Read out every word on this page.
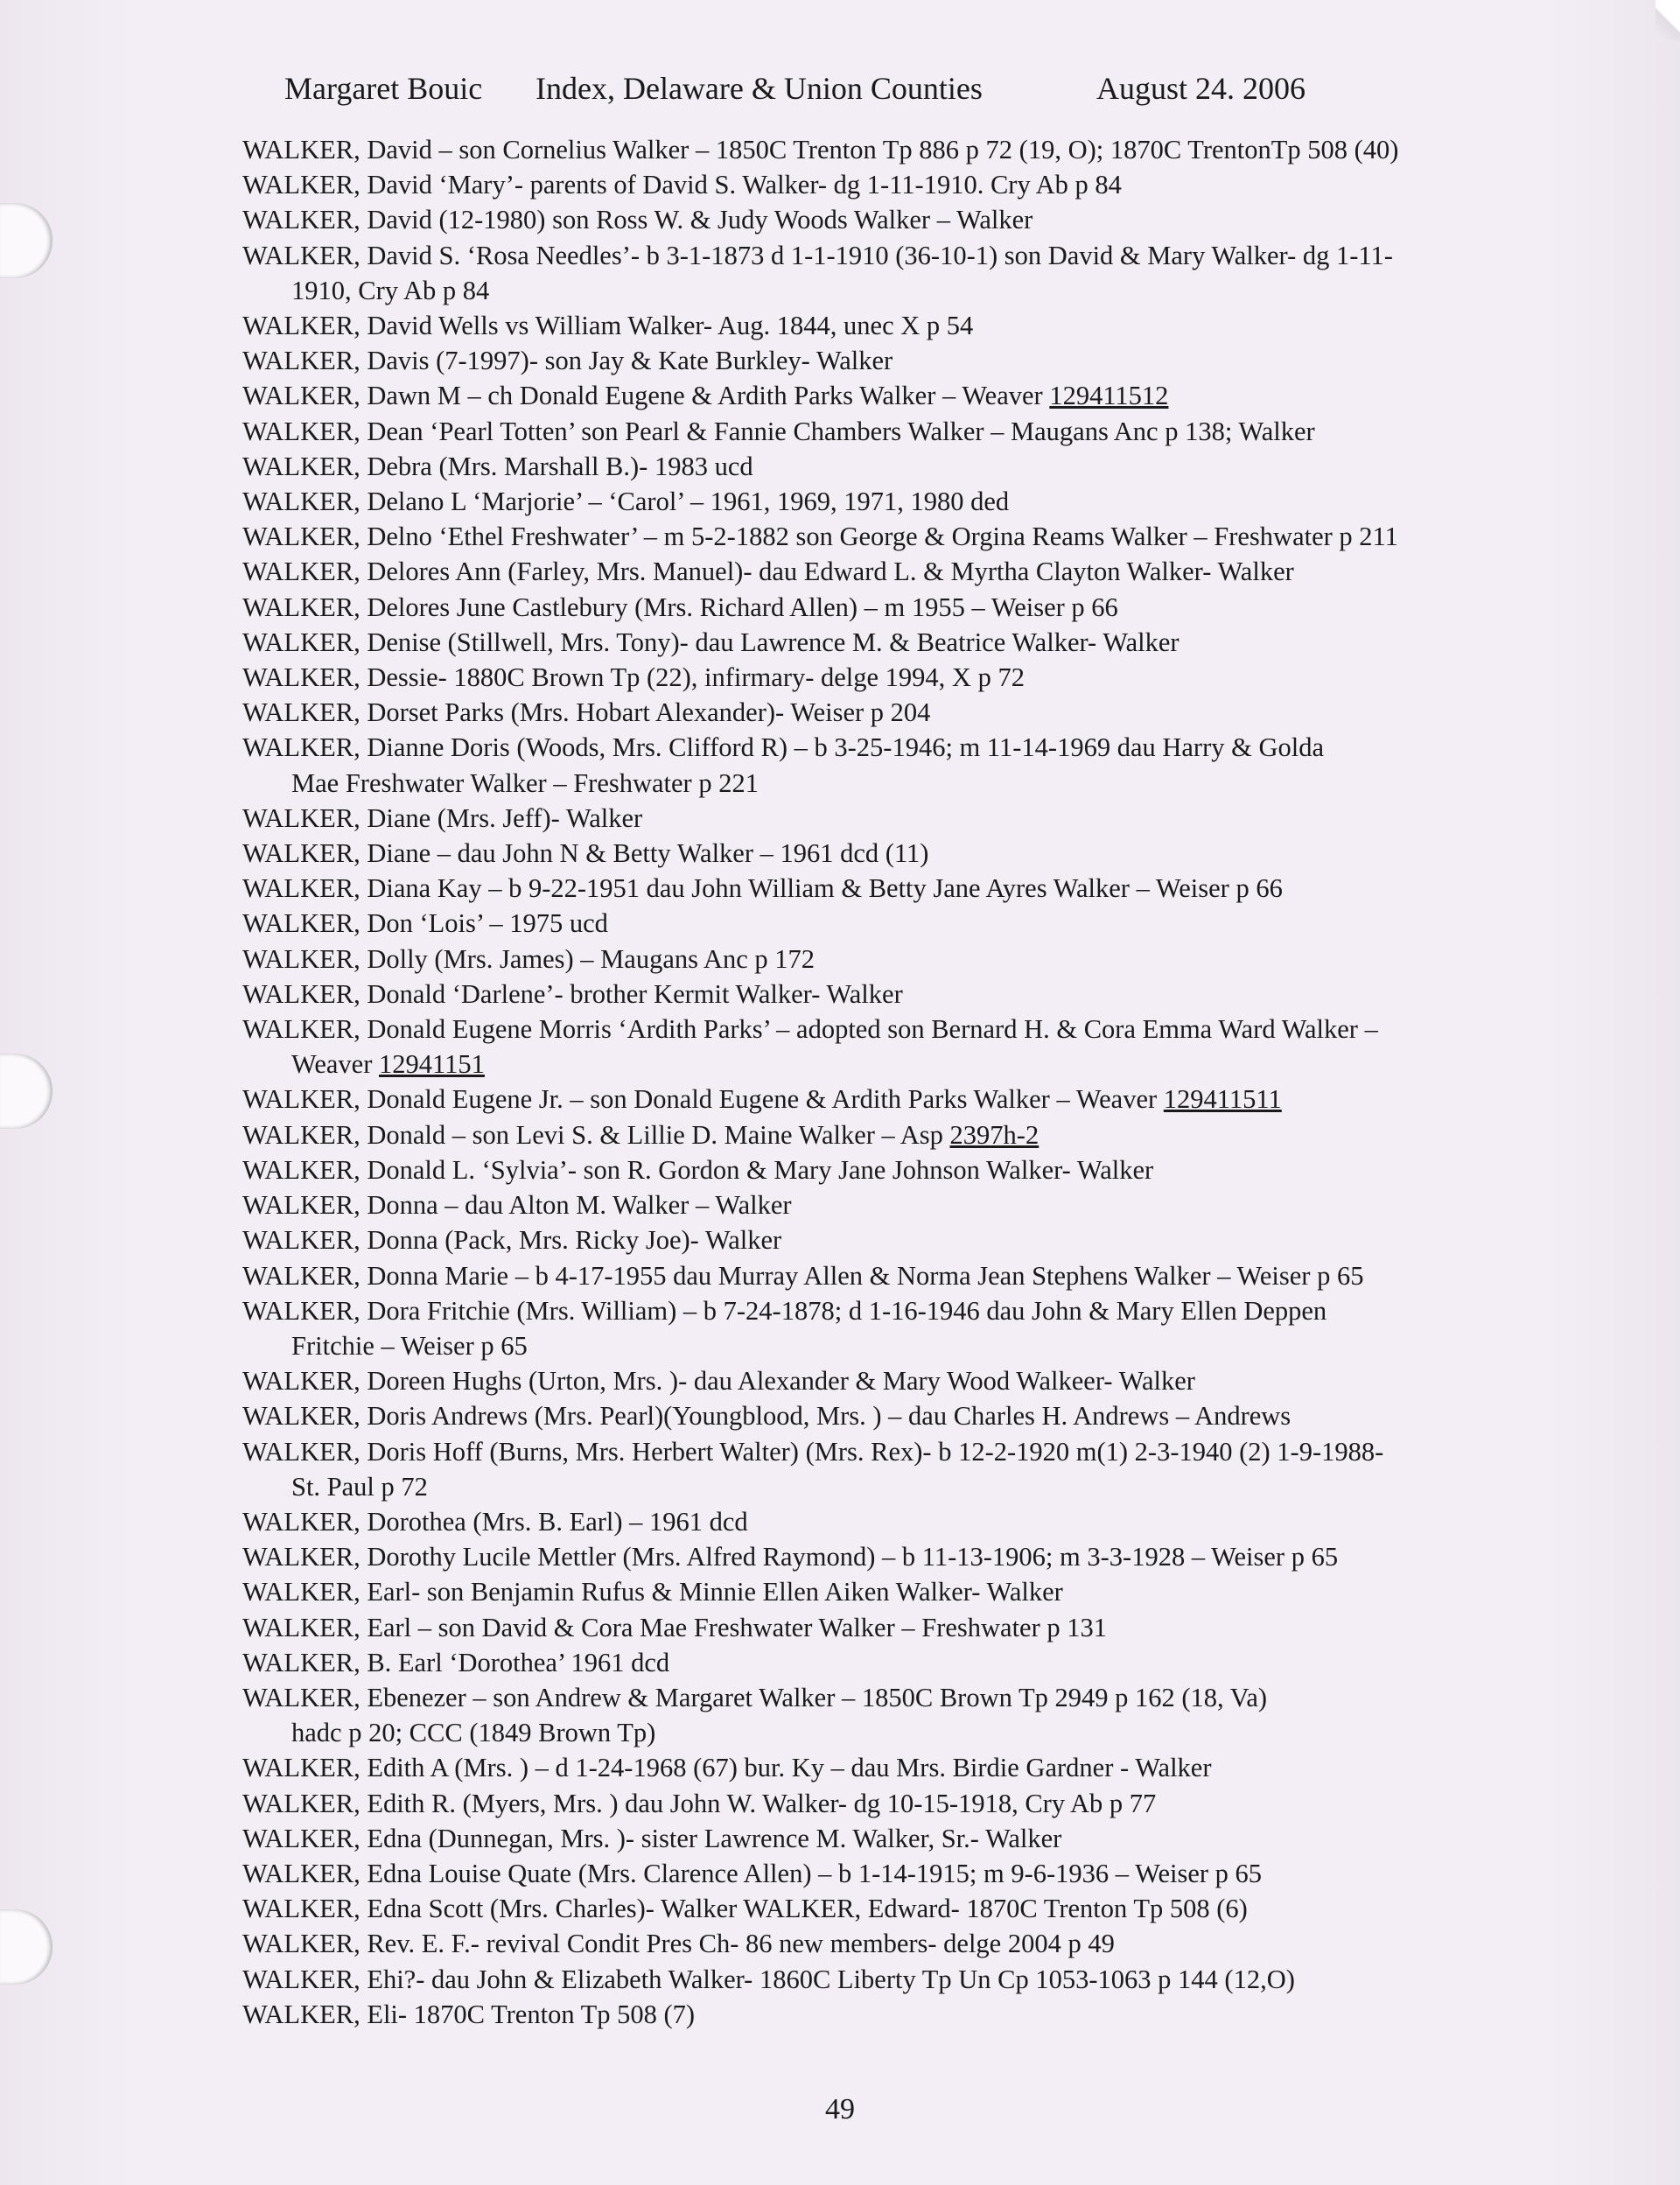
Margaret Bouic Index, Delaware & Union Counties	August 24. 2006
WALKER, David – son Cornelius Walker – 1850C Trenton Tp 886 p 72 (19, O); 1870C TrentonTp 508 (40)
WALKER, David ‘Mary’- parents of David S. Walker- dg 1-11-1910. Cry Ab p 84
WALKER, David (12-1980) son Ross W. & Judy Woods Walker – Walker
WALKER, David S. ‘Rosa Needles’- b 3-1-1873 d 1-1-1910 (36-10-1) son David & Mary Walker- dg 1-11-
1910, Cry Ab p 84
WALKER, David Wells vs William Walker- Aug. 1844, unec X p 54
WALKER, Davis (7-1997)- son Jay & Kate Burkley- Walker
WALKER, Dawn M – ch Donald Eugene & Ardith Parks Walker – Weaver 129411512
WALKER, Dean ‘Pearl Totten’ son Pearl & Fannie Chambers Walker – Maugans Anc p 138; Walker
WALKER, Debra (Mrs. Marshall B.)- 1983 ucd
WALKER, Delano L ‘Marjorie’ – ‘Carol’ – 1961, 1969, 1971, 1980 ded
WALKER, Delno ‘Ethel Freshwater’ – m 5-2-1882 son George & Orgina Reams Walker – Freshwater p 211
WALKER, Delores Ann (Farley, Mrs. Manuel)- dau Edward L. & Myrtha Clayton Walker- Walker
WALKER, Delores June Castlebury (Mrs. Richard Allen) – m 1955 – Weiser p 66
WALKER, Denise (Stillwell, Mrs. Tony)- dau Lawrence M. & Beatrice Walker- Walker
WALKER, Dessie- 1880C Brown Tp (22), infirmary- delge 1994, X p 72
WALKER, Dorset Parks (Mrs. Hobart Alexander)- Weiser p 204
WALKER, Dianne Doris (Woods, Mrs. Clifford R) – b 3-25-1946; m 11-14-1969 dau Harry & Golda
Mae Freshwater Walker – Freshwater p 221
WALKER, Diane (Mrs. Jeff)- Walker
WALKER, Diane – dau John N & Betty Walker – 1961 dcd (11)
WALKER, Diana Kay – b 9-22-1951 dau John William & Betty Jane Ayres Walker – Weiser p 66
WALKER, Don ‘Lois’ – 1975 ucd
WALKER, Dolly (Mrs. James) – Maugans Anc p 172
WALKER, Donald ‘Darlene’- brother Kermit Walker- Walker
WALKER, Donald Eugene Morris ‘Ardith Parks’ – adopted son Bernard H. & Cora Emma Ward Walker –
Weaver 12941151
WALKER, Donald Eugene Jr. – son Donald Eugene & Ardith Parks Walker – Weaver 129411511
WALKER, Donald – son Levi S. & Lillie D. Maine Walker – Asp 2397h-2
WALKER, Donald L. ‘Sylvia’- son R. Gordon & Mary Jane Johnson Walker- Walker
WALKER, Donna – dau Alton M. Walker – Walker
WALKER, Donna (Pack, Mrs. Ricky Joe)- Walker
WALKER, Donna Marie – b 4-17-1955 dau Murray Allen & Norma Jean Stephens Walker – Weiser p 65
WALKER, Dora Fritchie (Mrs. William) – b 7-24-1878; d 1-16-1946 dau John & Mary Ellen Deppen
Fritchie – Weiser p 65
WALKER, Doreen Hughs (Urton, Mrs. )- dau Alexander & Mary Wood Walkeer- Walker
WALKER, Doris Andrews (Mrs. Pearl)(Youngblood, Mrs. ) – dau Charles H. Andrews – Andrews
WALKER, Doris Hoff (Burns, Mrs. Herbert Walter) (Mrs. Rex)- b 12-2-1920 m(1) 2-3-1940 (2) 1-9-1988-
St. Paul p 72
WALKER, Dorothea (Mrs. B. Earl) – 1961 dcd
WALKER, Dorothy Lucile Mettler (Mrs. Alfred Raymond) – b 11-13-1906; m 3-3-1928 – Weiser p 65
WALKER, Earl- son Benjamin Rufus & Minnie Ellen Aiken Walker- Walker
WALKER, Earl – son David & Cora Mae Freshwater Walker – Freshwater p 131
WALKER, B. Earl ‘Dorothea’ 1961 dcd
WALKER, Ebenezer – son Andrew & Margaret Walker – 1850C Brown Tp 2949 p 162 (18, Va)
hadc p 20; CCC (1849 Brown Tp)
WALKER, Edith A (Mrs. ) – d 1-24-1968 (67) bur. Ky – dau Mrs. Birdie Gardner - Walker
WALKER, Edith R. (Myers, Mrs. ) dau John W. Walker- dg 10-15-1918, Cry Ab p 77
WALKER, Edna (Dunnegan, Mrs. )- sister Lawrence M. Walker, Sr.- Walker
WALKER, Edna Louise Quate (Mrs. Clarence Allen) – b 1-14-1915; m 9-6-1936 – Weiser p 65
WALKER, Edna Scott (Mrs. Charles)- Walker WALKER, Edward- 1870C Trenton Tp 508 (6)
WALKER, Rev. E. F.- revival Condit Pres Ch- 86 new members- delge 2004 p 49
WALKER, Ehi?- dau John & Elizabeth Walker- 1860C Liberty Tp Un Cp 1053-1063 p 144 (12,O)
WALKER, Eli- 1870C Trenton Tp 508 (7)
49
